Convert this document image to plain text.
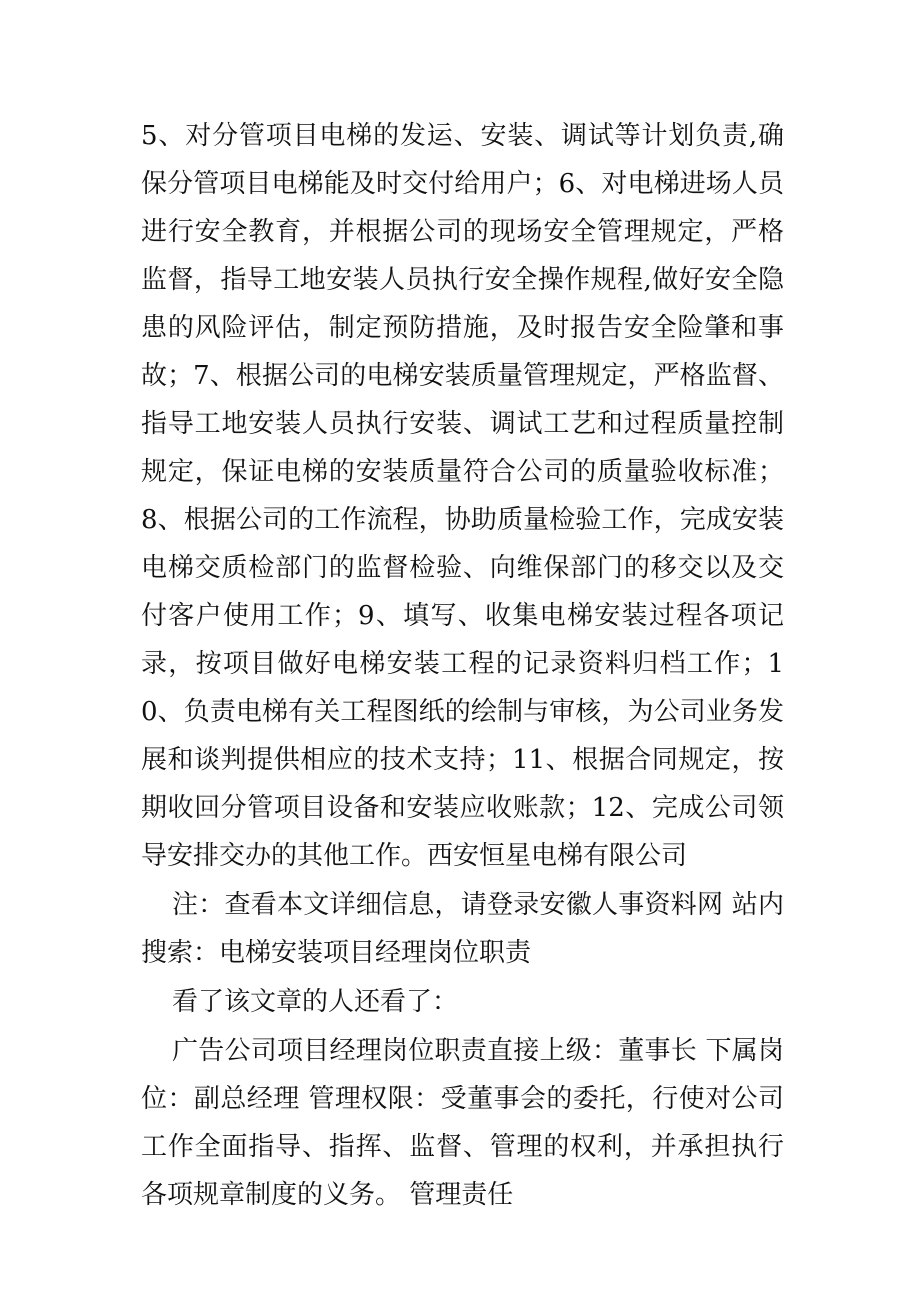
5、对分管项目电梯的发运、安装、调试等计划负责,确保分管项目电梯能及时交付给用户；6、对电梯进场人员进行安全教育，并根据公司的现场安全管理规定，严格监督，指导工地安装人员执行安全操作规程,做好安全隐患的风险评估，制定预防措施，及时报告安全险肇和事故；7、根据公司的电梯安装质量管理规定，严格监督、指导工地安装人员执行安装、调试工艺和过程质量控制规定，保证电梯的安装质量符合公司的质量验收标准；8、根据公司的工作流程，协助质量检验工作，完成安装电梯交质检部门的监督检验、向维保部门的移交以及交付客户使用工作；9、填写、收集电梯安装过程各项记录，按项目做好电梯安装工程的记录资料归档工作；10、负责电梯有关工程图纸的绘制与审核，为公司业务发展和谈判提供相应的技术支持；11、根据合同规定，按期收回分管项目设备和安装应收账款；12、完成公司领导安排交办的其他工作。西安恒星电梯有限公司

注：查看本文详细信息，请登录安徽人事资料网 站内搜索：电梯安装项目经理岗位职责

看了该文章的人还看了：

广告公司项目经理岗位职责直接上级：董事长 下属岗位：副总经理 管理权限：受董事会的委托，行使对公司工作全面指导、指挥、监督、管理的权利，并承担执行各项规章制度的义务。 管理责任
